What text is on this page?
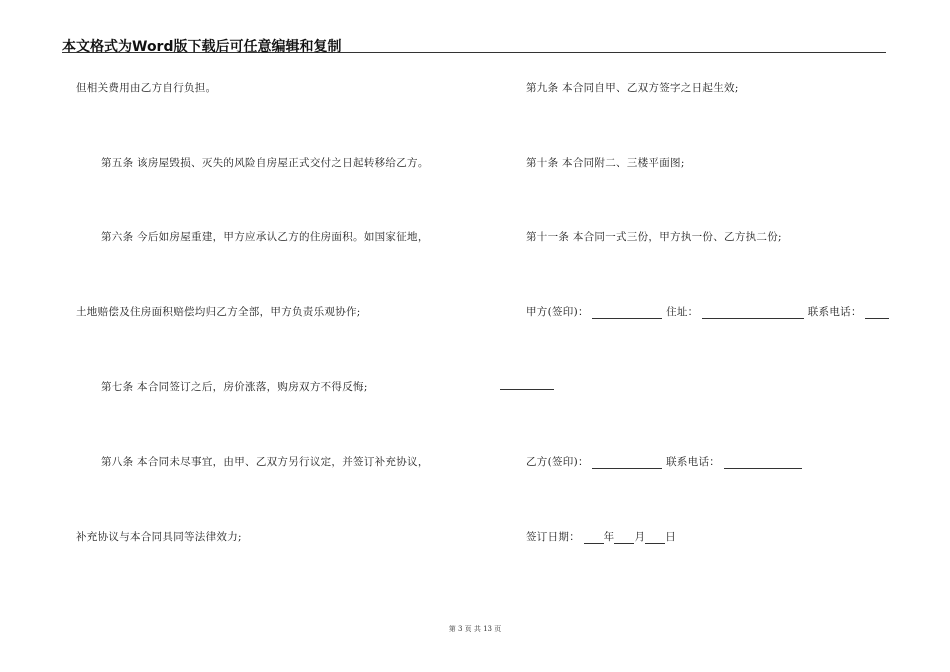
本文格式为Word版下载后可任意编辑和复制
但相关费用由乙方自行负担。
第五条 该房屋毁损、灭失的风险自房屋正式交付之日起转移给乙方。
第六条 今后如房屋重建，甲方应承认乙方的住房面积。如国家征地，
土地赔偿及住房面积赔偿均归乙方全部，甲方负责乐观协作;
第七条 本合同签订之后，房价涨落，购房双方不得反悔;
第八条 本合同未尽事宜，由甲、乙双方另行议定，并签订补充协议，
补充协议与本合同具同等法律效力;
第九条 本合同自甲、乙双方签字之日起生效;
第十条 本合同附二、三楼平面图;
第十一条 本合同一式三份，甲方执一份、乙方执二份;
甲方(签印)：	住址：	联系电话：
乙方(签印)：	联系电话：
签订日期： 年 月 日
第 3 页 共 13 页
